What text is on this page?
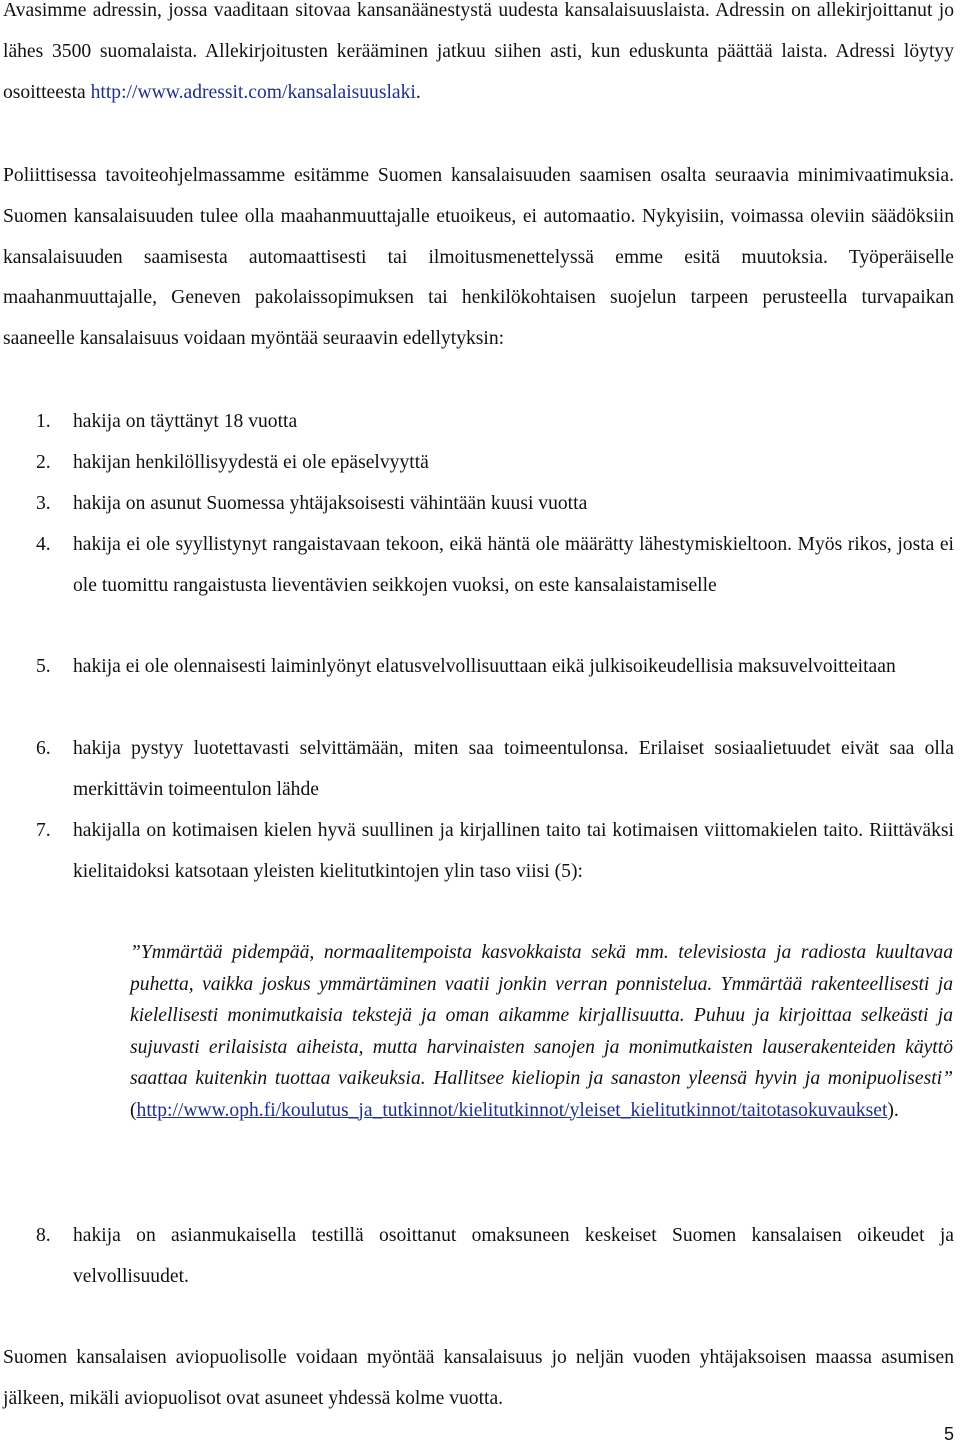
Avasimme adressin, jossa vaaditaan sitovaa kansanäänestystä uudesta kansalaisuuslaista. Adressin on allekirjoittanut jo lähes 3500 suomalaista. Allekirjoitusten kerääminen jatkuu siihen asti, kun eduskunta päättää laista. Adressi löytyy osoitteesta http://www.adressit.com/kansalaisuuslaki.

Poliittisessa tavoiteohjelmassamme esitämme Suomen kansalaisuuden saamisen osalta seuraavia minimivaatimuksia. Suomen kansalaisuuden tulee olla maahanmuuttajalle etuoikeus, ei automaatio. Nykyisiin, voimassa oleviin säädöksiin kansalaisuuden saamisesta automaattisesti tai ilmoitusmenettelyssä emme esitä muutoksia. Työperäiselle maahanmuuttajalle, Geneven pakolaissopimuksen tai henkilökohtaisen suojelun tarpeen perusteella turvapaikan saaneelle kansalaisuus voidaan myöntää seuraavin edellytyksin:

1.	hakija on täyttänyt 18 vuotta

2.	hakijan henkilöllisyydestä ei ole epäselvyyttä

3.	hakija on asunut Suomessa yhtäjaksoisesti vähintään kuusi vuotta

4.	hakija ei ole syyllistynyt rangaistavaan tekoon, eikä häntä ole määrätty lähestymiskieltoon. Myös rikos, josta ei ole tuomittu rangaistusta lieventävien seikkojen vuoksi, on este kansalaistamiselle

5.	hakija ei ole olennaisesti laiminlyönyt elatusvelvollisuuttaan eikä julkisoikeudellisia maksuvelvoitteitaan

6.	hakija pystyy luotettavasti selvittämään, miten saa toimeentulonsa. Erilaiset sosiaalietuudet eivät saa olla merkittävin toimeentulon lähde

7.	hakijalla on kotimaisen kielen hyvä suullinen ja kirjallinen taito tai kotimaisen viittomakielen taito. Riittäväksi kielitaidoksi katsotaan yleisten kielitutkintojen ylin taso viisi (5):

8.	hakija on asianmukaisella testillä osoittanut omaksuneen keskeiset Suomen kansalaisen oikeudet ja velvollisuudet.

”Ymmärtää pidempää, normaalitempoista kasvokkaista sekä mm. televisiosta ja radiosta kuultavaa puhetta, vaikka joskus ymmärtäminen vaatii jonkin verran ponnistelua. Ymmärtää rakenteellisesti ja kielellisesti monimutkaisia tekstejä ja oman aikamme kirjallisuutta. Puhuu ja kirjoittaa selkeästi ja sujuvasti erilaisista aiheista, mutta harvinaisten sanojen ja monimutkaisten lauserakenteiden käyttö saattaa kuitenkin tuottaa vaikeuksia. Hallitsee kieliopin ja sanaston yleensä hyvin ja monipuolisesti” (http://www.oph.fi/koulutus_ja_tutkinnot/kielitutkinnot/yleiset_kielitutkinnot/taitotasokuvaukset).

Suomen kansalaisen aviopuolisolle voidaan myöntää kansalaisuus jo neljän vuoden yhtäjaksoisen maassa asumisen jälkeen, mikäli aviopuolisot ovat asuneet yhdessä kolme vuotta.

5
